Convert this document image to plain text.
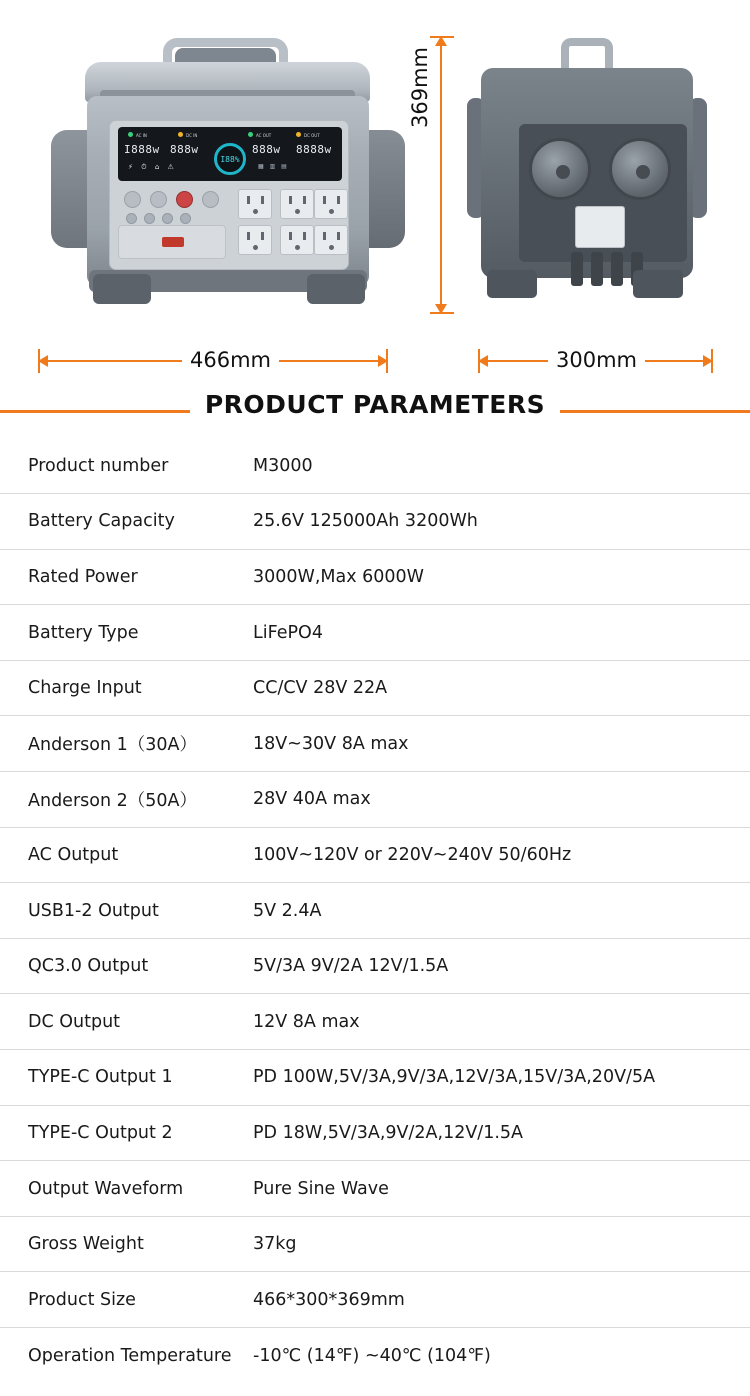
AC IN	DC IN	AC OUT	DC OUT
I888w 888w
I88%
888w 8888w
⚡ ⏱ ⌂ ⚠	▦ ▥ ▤
369mm
466mm	300mm
PRODUCT PARAMETERS
Product number	M3000
Battery Capacity	25.6V 125000Ah 3200Wh
Rated Power	3000W,Max 6000W
Battery Type	LiFePO4
Charge Input	CC/CV 28V 22A
Anderson 1（30A）	18V~30V 8A max
Anderson 2（50A）	28V 40A max
AC Output	100V~120V or 220V~240V 50/60Hz
USB1-2 Output	5V 2.4A
QC3.0 Output	5V/3A 9V/2A 12V/1.5A
DC Output	12V 8A max
TYPE-C Output 1	PD 100W,5V/3A,9V/3A,12V/3A,15V/3A,20V/5A
TYPE-C Output 2	PD 18W,5V/3A,9V/2A,12V/1.5A
Output Waveform	Pure Sine Wave
Gross Weight	37kg
Product Size	466*300*369mm
Operation Temperature	-10℃ (14℉) ~40℃ (104℉)
